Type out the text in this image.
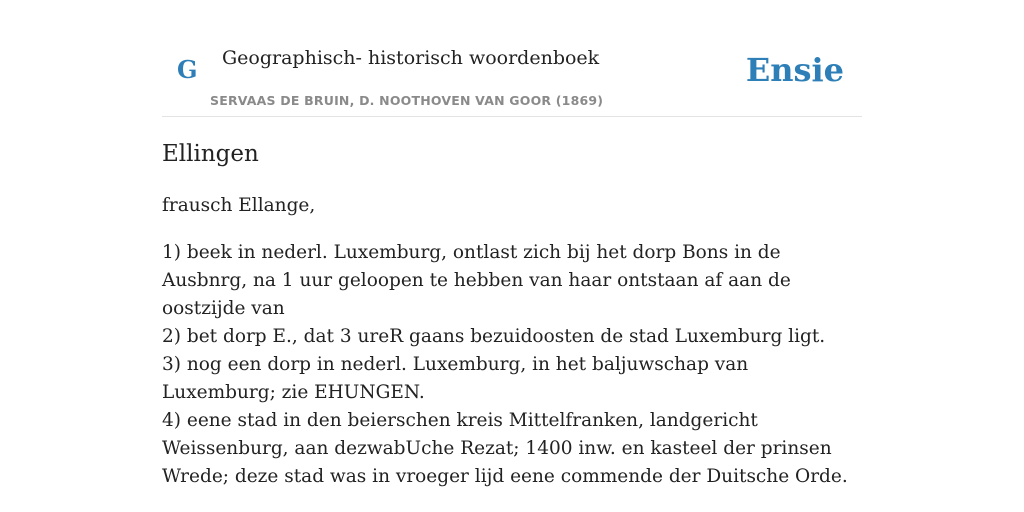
G Geographisch- historisch woordenboek
SERVAAS DE BRUIN, D. NOOTHOVEN VAN GOOR (1869)
Ensie
Ellingen

frausch Ellange,

1) beek in nederl. Luxemburg, ontlast zich bij het dorp Bons in de Ausbnrg, na 1 uur geloopen te hebben van haar ontstaan af aan de oostzijde van
2) bet dorp E., dat 3 ureR gaans bezuidoosten de stad Luxemburg ligt.
3) nog een dorp in nederl. Luxemburg, in het baljuwschap van Luxemburg; zie EHUNGEN.
4) eene stad in den beierschen kreis Mittelfranken, landgericht Weissenburg, aan dezwabUche Rezat; 1400 inw. en kasteel der prinsen Wrede; deze stad was in vroeger lijd eene commende der Duitsche Orde.
